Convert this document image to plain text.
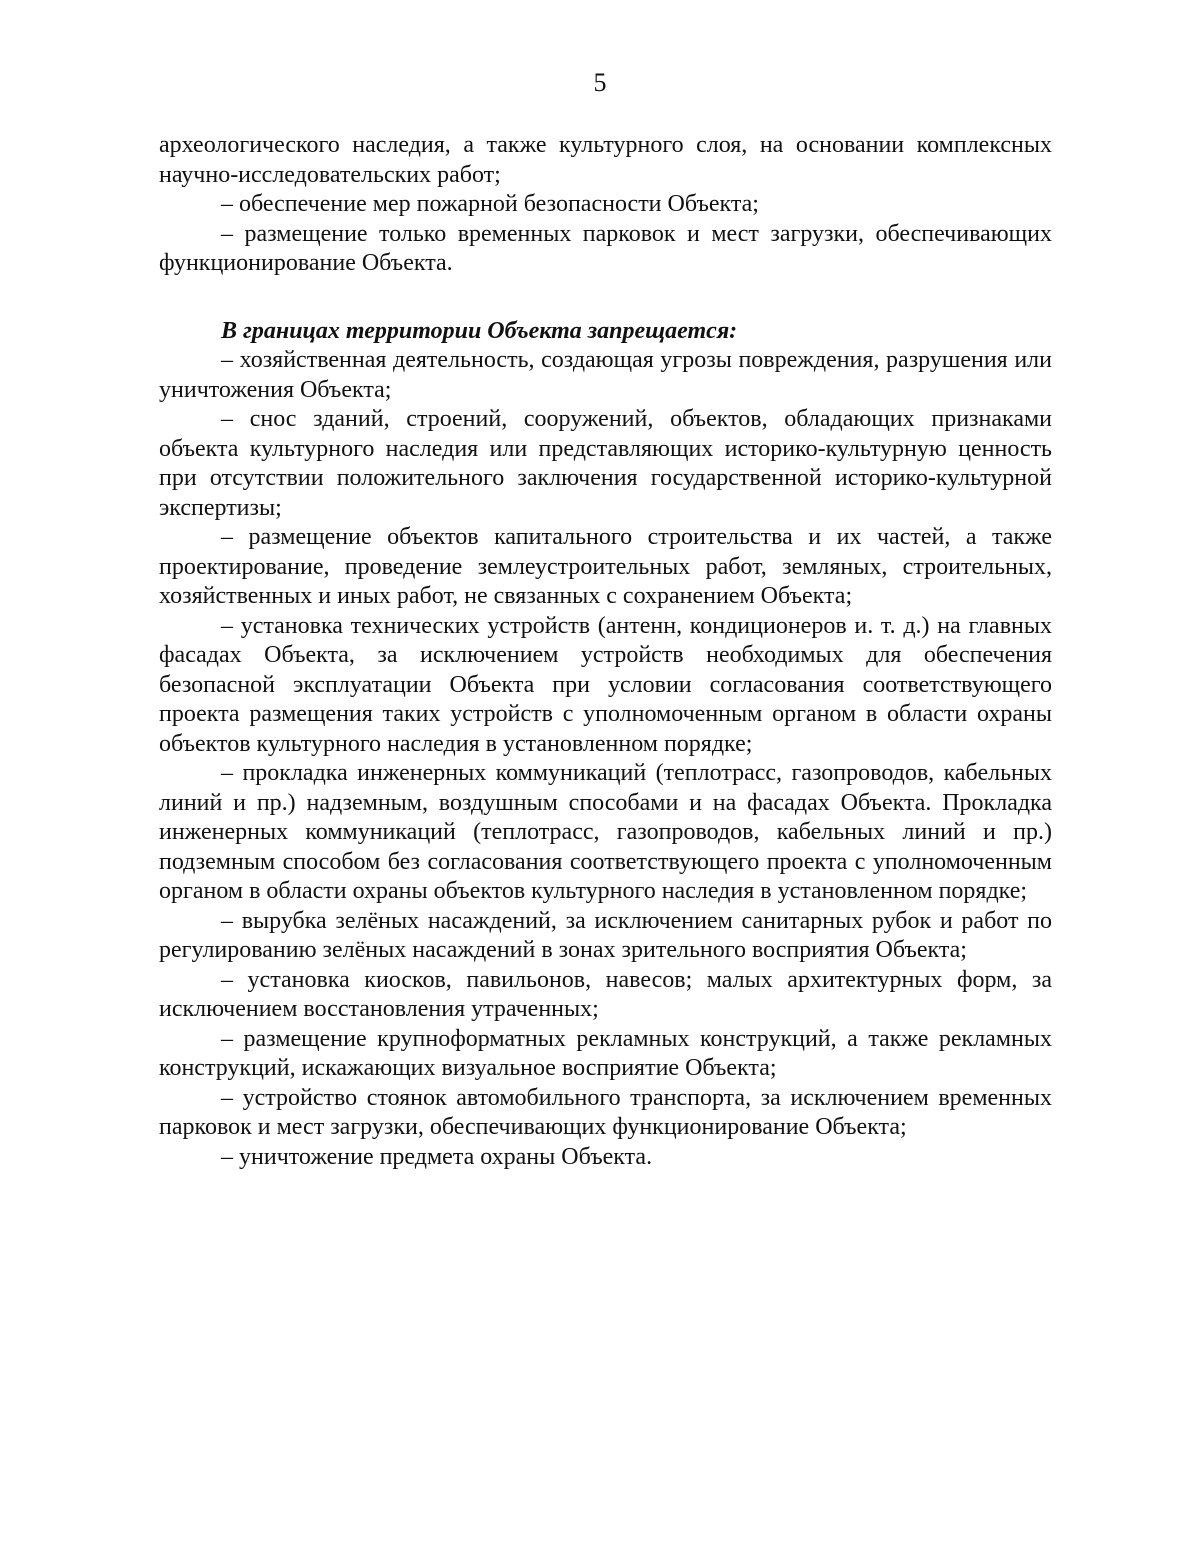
5

археологического наследия, а также культурного слоя, на основании комплексных научно-исследовательских работ;

– обеспечение мер пожарной безопасности Объекта;

– размещение только временных парковок и мест загрузки, обеспечивающих функционирование Объекта.

В границах территории Объекта запрещается:

– хозяйственная деятельность, создающая угрозы повреждения, разрушения или уничтожения Объекта;

– снос зданий, строений, сооружений, объектов, обладающих признаками объекта культурного наследия или представляющих историко-культурную ценность при отсутствии положительного заключения государственной историко-культурной экспертизы;

– размещение объектов капитального строительства и их частей, а также проектирование, проведение землеустроительных работ, земляных, строительных, хозяйственных и иных работ, не связанных с сохранением Объекта;

– установка технических устройств (антенн, кондиционеров и. т. д.) на главных фасадах Объекта, за исключением устройств необходимых для обеспечения безопасной эксплуатации Объекта при условии согласования соответствующего проекта размещения таких устройств с уполномоченным органом в области охраны объектов культурного наследия в установленном порядке;

– прокладка инженерных коммуникаций (теплотрасс, газопроводов, кабельных линий и пр.) надземным, воздушным способами и на фасадах Объекта. Прокладка инженерных коммуникаций (теплотрасс, газопроводов, кабельных линий и пр.) подземным способом без согласования соответствующего проекта с уполномоченным органом в области охраны объектов культурного наследия в установленном порядке;

– вырубка зелёных насаждений, за исключением санитарных рубок и работ по регулированию зелёных насаждений в зонах зрительного восприятия Объекта;

– установка киосков, павильонов, навесов; малых архитектурных форм, за исключением восстановления утраченных;

– размещение крупноформатных рекламных конструкций, а также рекламных конструкций, искажающих визуальное восприятие Объекта;

– устройство стоянок автомобильного транспорта, за исключением временных парковок и мест загрузки, обеспечивающих функционирование Объекта;

– уничтожение предмета охраны Объекта.
